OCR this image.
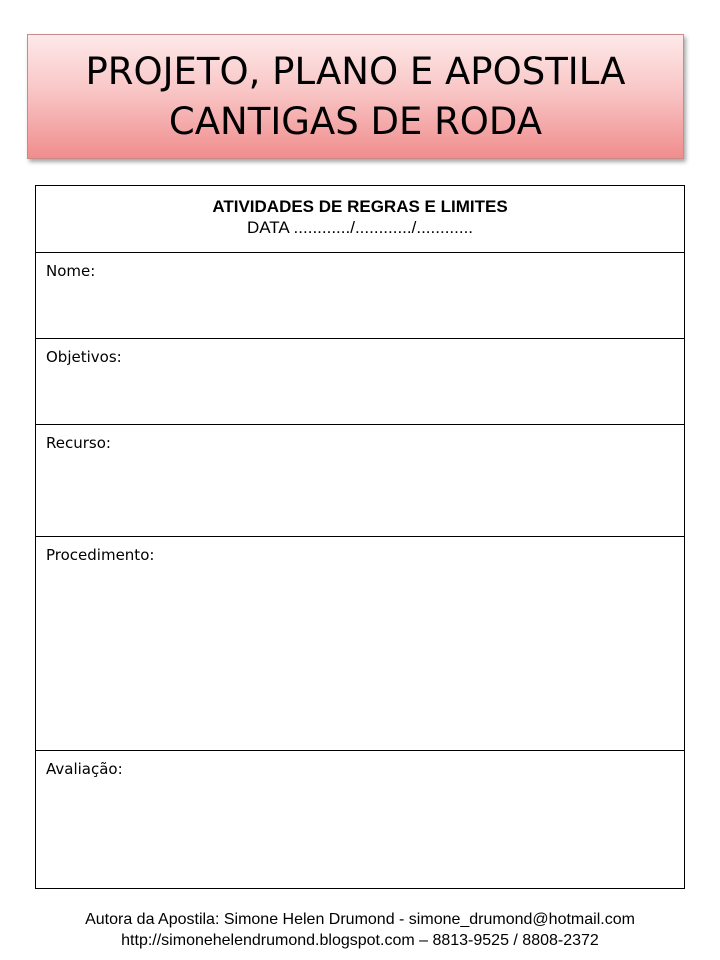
PROJETO, PLANO E APOSTILA
CANTIGAS DE RODA
ATIVIDADES DE REGRAS E LIMITES
DATA ............/............/............

Nome:

Objetivos:

Recurso:

Procedimento:

Avaliação:
Autora da Apostila: Simone Helen Drumond - simone_drumond@hotmail.com
http://simonehelendrumond.blogspot.com – 8813-9525 / 8808-2372
